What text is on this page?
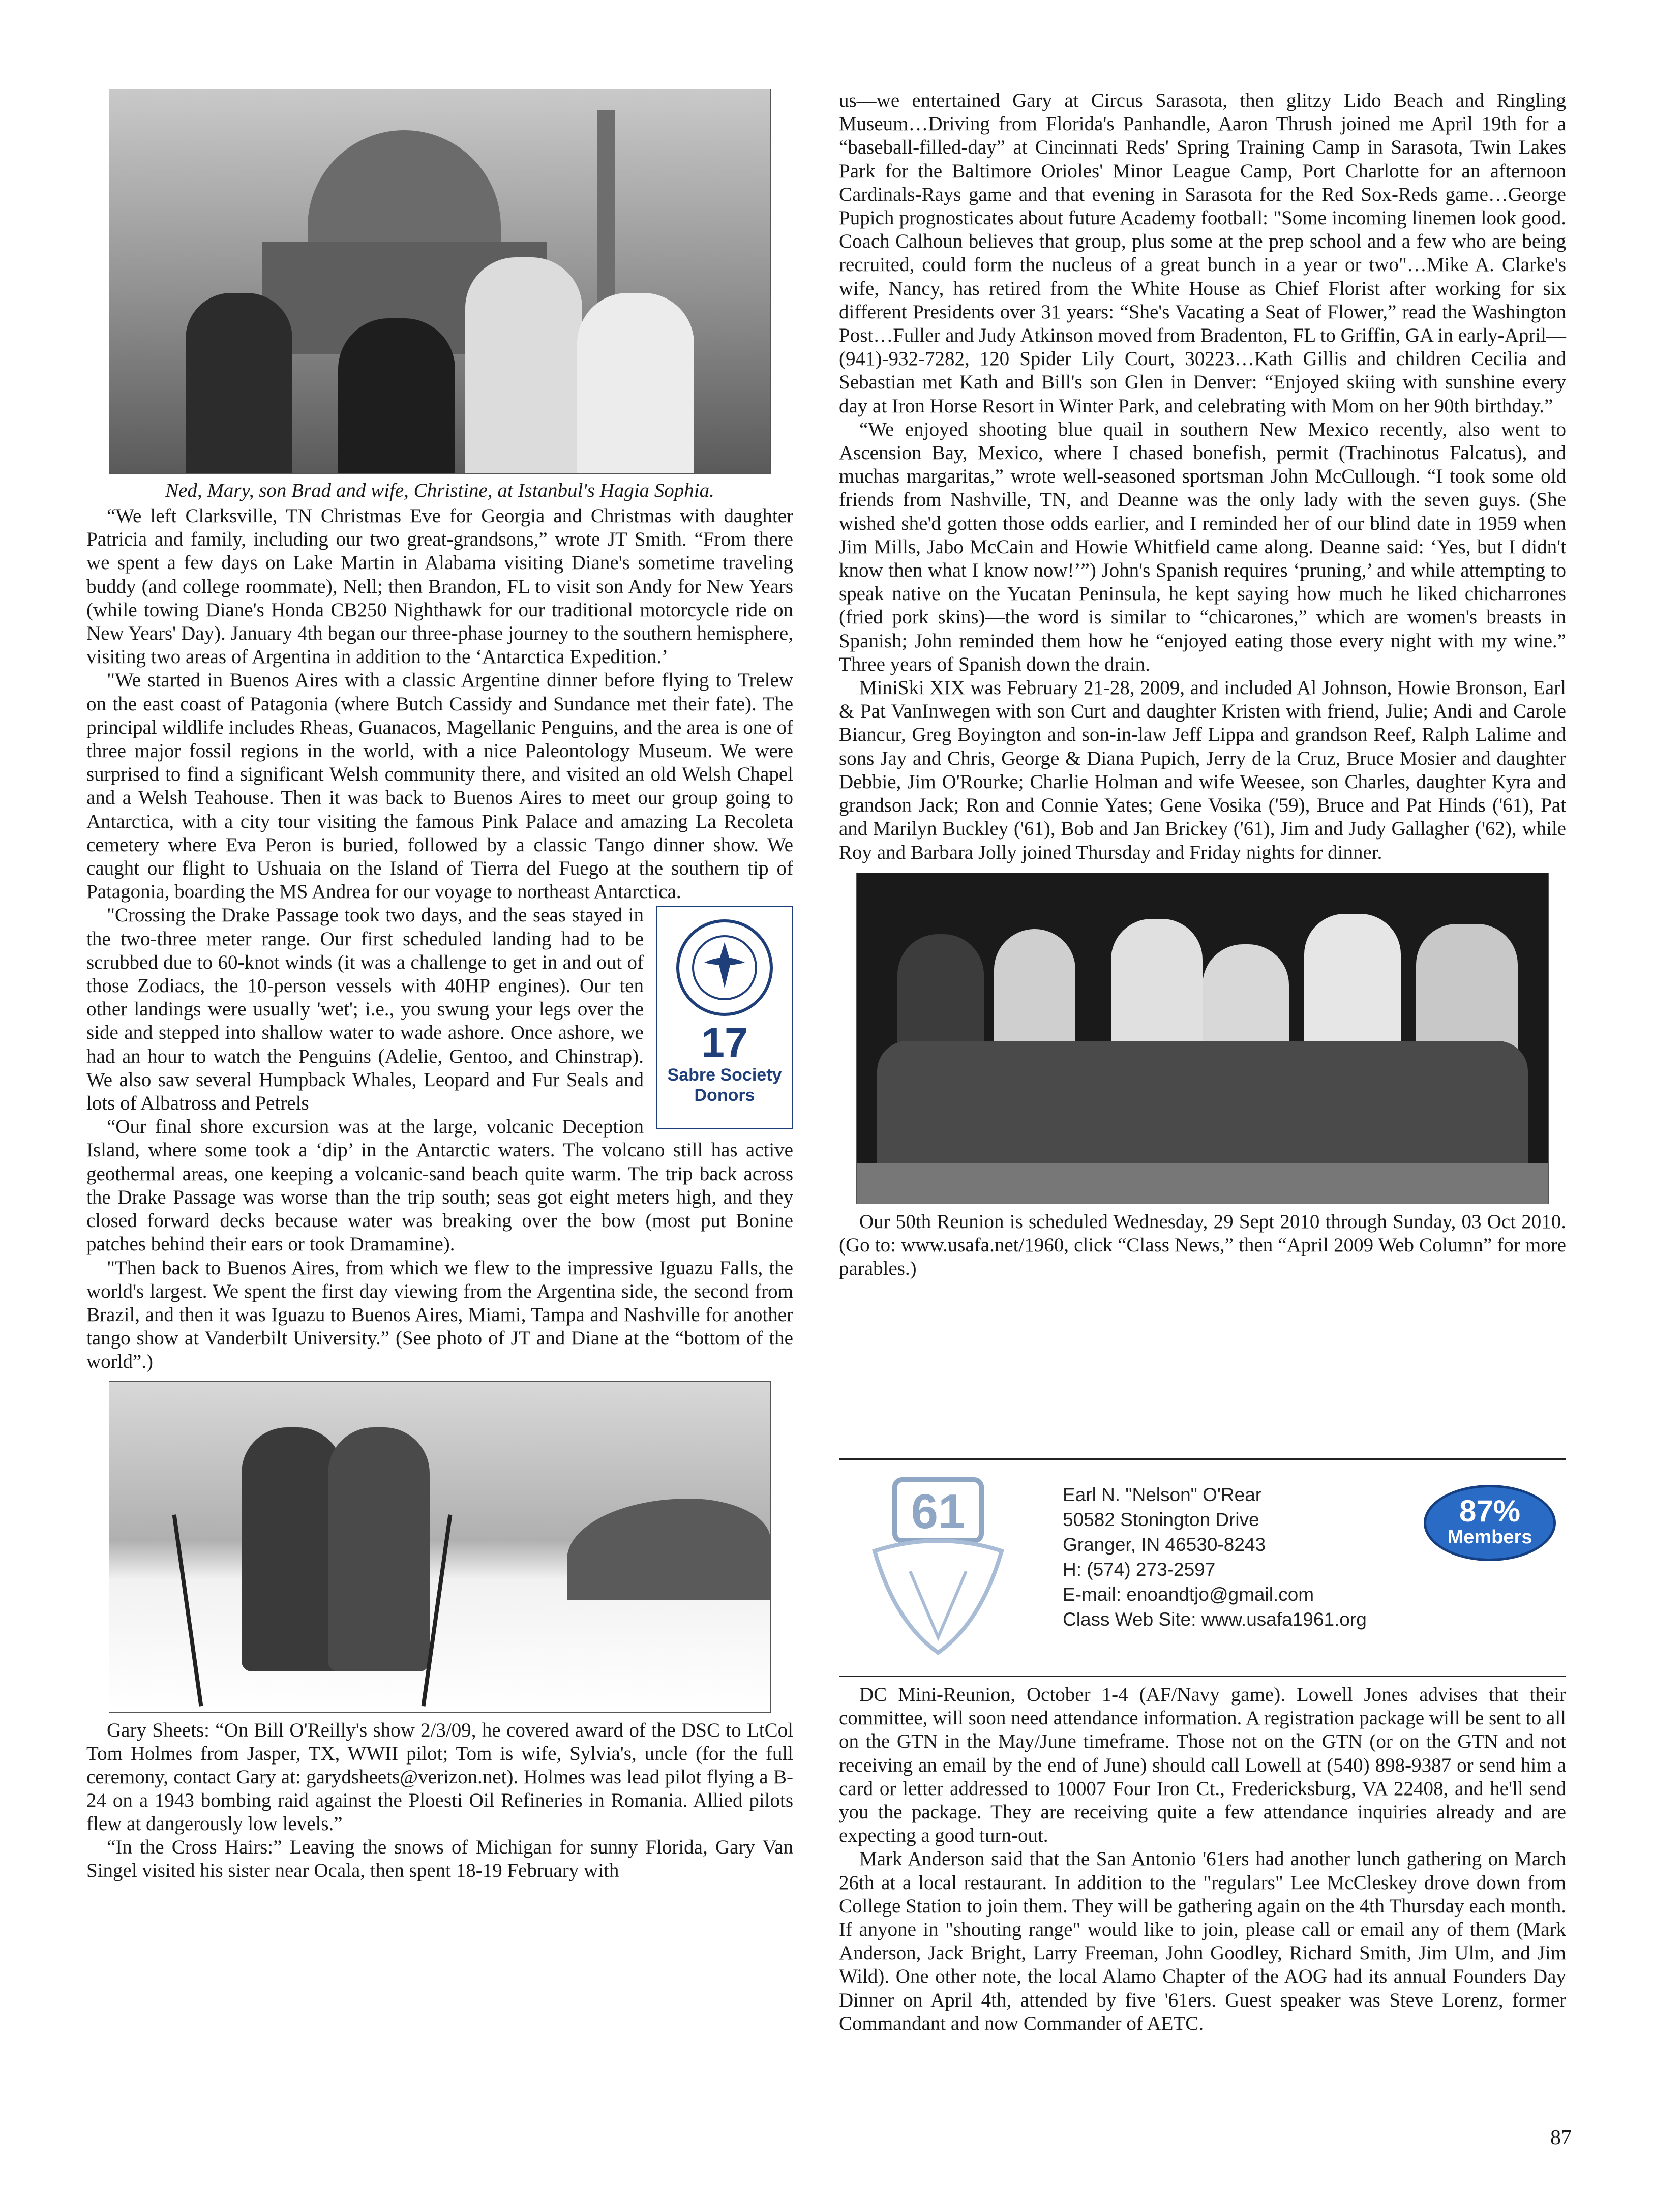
Ned, Mary, son Brad and wife, Christine, at Istanbul's Hagia Sophia.

“We left Clarksville, TN Christmas Eve for Georgia and Christmas with daughter Patricia and family, including our two great-grandsons,” wrote JT Smith. “From there we spent a few days on Lake Martin in Alabama visiting Diane's sometime traveling buddy (and college roommate), Nell; then Brandon, FL to visit son Andy for New Years (while towing Diane's Honda CB250 Nighthawk for our traditional motorcycle ride on New Years' Day). January 4th began our three-phase journey to the southern hemisphere, visiting two areas of Argentina in addition to the ‘Antarctica Expedition.’

"We started in Buenos Aires with a classic Argentine dinner before flying to Trelew on the east coast of Patagonia (where Butch Cassidy and Sundance met their fate). The principal wildlife includes Rheas, Guanacos, Magellanic Penguins, and the area is one of three major fossil regions in the world, with a nice Paleontology Museum. We were surprised to find a significant Welsh community there, and visited an old Welsh Chapel and a Welsh Teahouse. Then it was back to Buenos Aires to meet our group going to Antarctica, with a city tour visiting the famous Pink Palace and amazing La Recoleta cemetery where Eva Peron is buried, followed by a classic Tango dinner show. We caught our flight to Ushuaia on the Island of Tierra del Fuego at the southern tip of Patagonia, boarding the MS Andrea for our voyage to northeast Antarctica.

17
Sabre Society
Donors

"Crossing the Drake Passage took two days, and the seas stayed in the two-three meter range. Our first scheduled landing had to be scrubbed due to 60-knot winds (it was a challenge to get in and out of those Zodiacs, the 10-person vessels with 40HP engines). Our ten other landings were usually 'wet'; i.e., you swung your legs over the side and stepped into shallow water to wade ashore. Once ashore, we had an hour to watch the Penguins (Adelie, Gentoo, and Chinstrap). We also saw several Humpback Whales, Leopard and Fur Seals and lots of Albatross and Petrels

“Our final shore excursion was at the large, volcanic Deception Island, where some took a ‘dip’ in the Antarctic waters. The volcano still has active geothermal areas, one keeping a volcanic-sand beach quite warm. The trip back across the Drake Passage was worse than the trip south; seas got eight meters high, and they closed forward decks because water was breaking over the bow (most put Bonine patches behind their ears or took Dramamine).

"Then back to Buenos Aires, from which we flew to the impressive Iguazu Falls, the world's largest. We spent the first day viewing from the Argentina side, the second from Brazil, and then it was Iguazu to Buenos Aires, Miami, Tampa and Nashville for another tango show at Vanderbilt University.” (See photo of JT and Diane at the “bottom of the world”.)

Gary Sheets: “On Bill O'Reilly's show 2/3/09, he covered award of the DSC to LtCol Tom Holmes from Jasper, TX, WWII pilot; Tom is wife, Sylvia's, uncle (for the full ceremony, contact Gary at: garydsheets@verizon.net). Holmes was lead pilot flying a B-24 on a 1943 bombing raid against the Ploesti Oil Refineries in Romania. Allied pilots flew at dangerously low levels.”

“In the Cross Hairs:” Leaving the snows of Michigan for sunny Florida, Gary Van Singel visited his sister near Ocala, then spent 18-19 February with

us—we entertained Gary at Circus Sarasota, then glitzy Lido Beach and Ringling Museum…Driving from Florida's Panhandle, Aaron Thrush joined me April 19th for a “baseball-filled-day” at Cincinnati Reds' Spring Training Camp in Sarasota, Twin Lakes Park for the Baltimore Orioles' Minor League Camp, Port Charlotte for an afternoon Cardinals-Rays game and that evening in Sarasota for the Red Sox-Reds game…George Pupich prognosticates about future Academy football: "Some incoming linemen look good. Coach Calhoun believes that group, plus some at the prep school and a few who are being recruited, could form the nucleus of a great bunch in a year or two"…Mike A. Clarke's wife, Nancy, has retired from the White House as Chief Florist after working for six different Presidents over 31 years: “She's Vacating a Seat of Flower,” read the Washington Post…Fuller and Judy Atkinson moved from Bradenton, FL to Griffin, GA in early-April—(941)-932-7282, 120 Spider Lily Court, 30223…Kath Gillis and children Cecilia and Sebastian met Kath and Bill's son Glen in Denver: “Enjoyed skiing with sunshine every day at Iron Horse Resort in Winter Park, and celebrating with Mom on her 90th birthday.”

“We enjoyed shooting blue quail in southern New Mexico recently, also went to Ascension Bay, Mexico, where I chased bonefish, permit (Trachinotus Falcatus), and muchas margaritas,” wrote well-seasoned sportsman John McCullough. “I took some old friends from Nashville, TN, and Deanne was the only lady with the seven guys. (She wished she'd gotten those odds earlier, and I reminded her of our blind date in 1959 when Jim Mills, Jabo McCain and Howie Whitfield came along. Deanne said: ‘Yes, but I didn't know then what I know now!’”) John's Spanish requires ‘pruning,’ and while attempting to speak native on the Yucatan Peninsula, he kept saying how much he liked chicharrones (fried pork skins)—the word is similar to “chicarones,” which are women's breasts in Spanish; John reminded them how he “enjoyed eating those every night with my wine.” Three years of Spanish down the drain.

MiniSki XIX was February 21-28, 2009, and included Al Johnson, Howie Bronson, Earl & Pat VanInwegen with son Curt and daughter Kristen with friend, Julie; Andi and Carole Biancur, Greg Boyington and son-in-law Jeff Lippa and grandson Reef, Ralph Lalime and sons Jay and Chris, George & Diana Pupich, Jerry de la Cruz, Bruce Mosier and daughter Debbie, Jim O'Rourke; Charlie Holman and wife Weesee, son Charles, daughter Kyra and grandson Jack; Ron and Connie Yates; Gene Vosika ('59), Bruce and Pat Hinds ('61), Pat and Marilyn Buckley ('61), Bob and Jan Brickey ('61), Jim and Judy Gallagher ('62), while Roy and Barbara Jolly joined Thursday and Friday nights for dinner.

Our 50th Reunion is scheduled Wednesday, 29 Sept 2010 through Sunday, 03 Oct 2010. (Go to: www.usafa.net/1960, click “Class News,” then “April 2009 Web Column” for more parables.)

61	Earl N. "Nelson" O'Rear
50582 Stonington Drive
Granger, IN 46530-8243
H: (574) 273-2597
E-mail: enoandtjo@gmail.com
Class Web Site: www.usafa1961.org
87%
Members

DC Mini-Reunion, October 1-4 (AF/Navy game). Lowell Jones advises that their committee, will soon need attendance information. A registration package will be sent to all on the GTN in the May/June timeframe. Those not on the GTN (or on the GTN and not receiving an email by the end of June) should call Lowell at (540) 898-9387 or send him a card or letter addressed to 10007 Four Iron Ct., Fredericksburg, VA 22408, and he'll send you the package. They are receiving quite a few attendance inquiries already and are expecting a good turn-out.

Mark Anderson said that the San Antonio '61ers had another lunch gathering on March 26th at a local restaurant. In addition to the "regulars" Lee McCleskey drove down from College Station to join them. They will be gathering again on the 4th Thursday each month. If anyone in "shouting range" would like to join, please call or email any of them (Mark Anderson, Jack Bright, Larry Freeman, John Goodley, Richard Smith, Jim Ulm, and Jim Wild). One other note, the local Alamo Chapter of the AOG had its annual Founders Day Dinner on April 4th, attended by five '61ers. Guest speaker was Steve Lorenz, former Commandant and now Commander of AETC.

87
